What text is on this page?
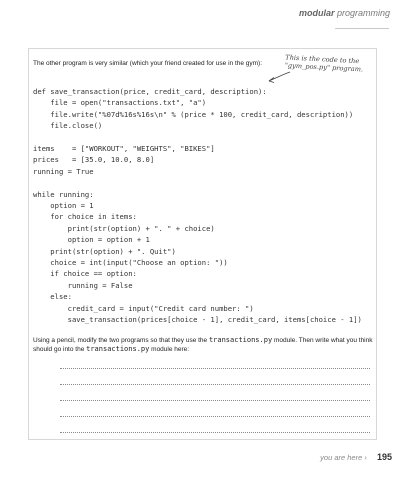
modular programming
The other program is very similar (which your friend created for use in the gym):	This is the code to the "gym_pos.py" program.
def save_transaction(price, credit_card, description):
file = open("transactions.txt", "a")
file.write("%07d%16s%16s\n" % (price * 100, credit_card, description))
file.close()
items    = ["WORKOUT", "WEIGHTS", "BIKES"]
prices   = [35.0, 10.0, 8.0]
running = True
while running:
option = 1
for choice in items:
print(str(option) + ". " + choice)
option = option + 1
print(str(option) + ". Quit")
choice = int(input("Choose an option: "))
if choice == option:
running = False
else:
credit_card = input("Credit card number: ")
save_transaction(prices[choice - 1], credit_card, items[choice - 1])
Using a pencil, modify the two programs so that they use the transactions.py module. Then write what you think should go into the transactions.py module here:
you are here › 195
